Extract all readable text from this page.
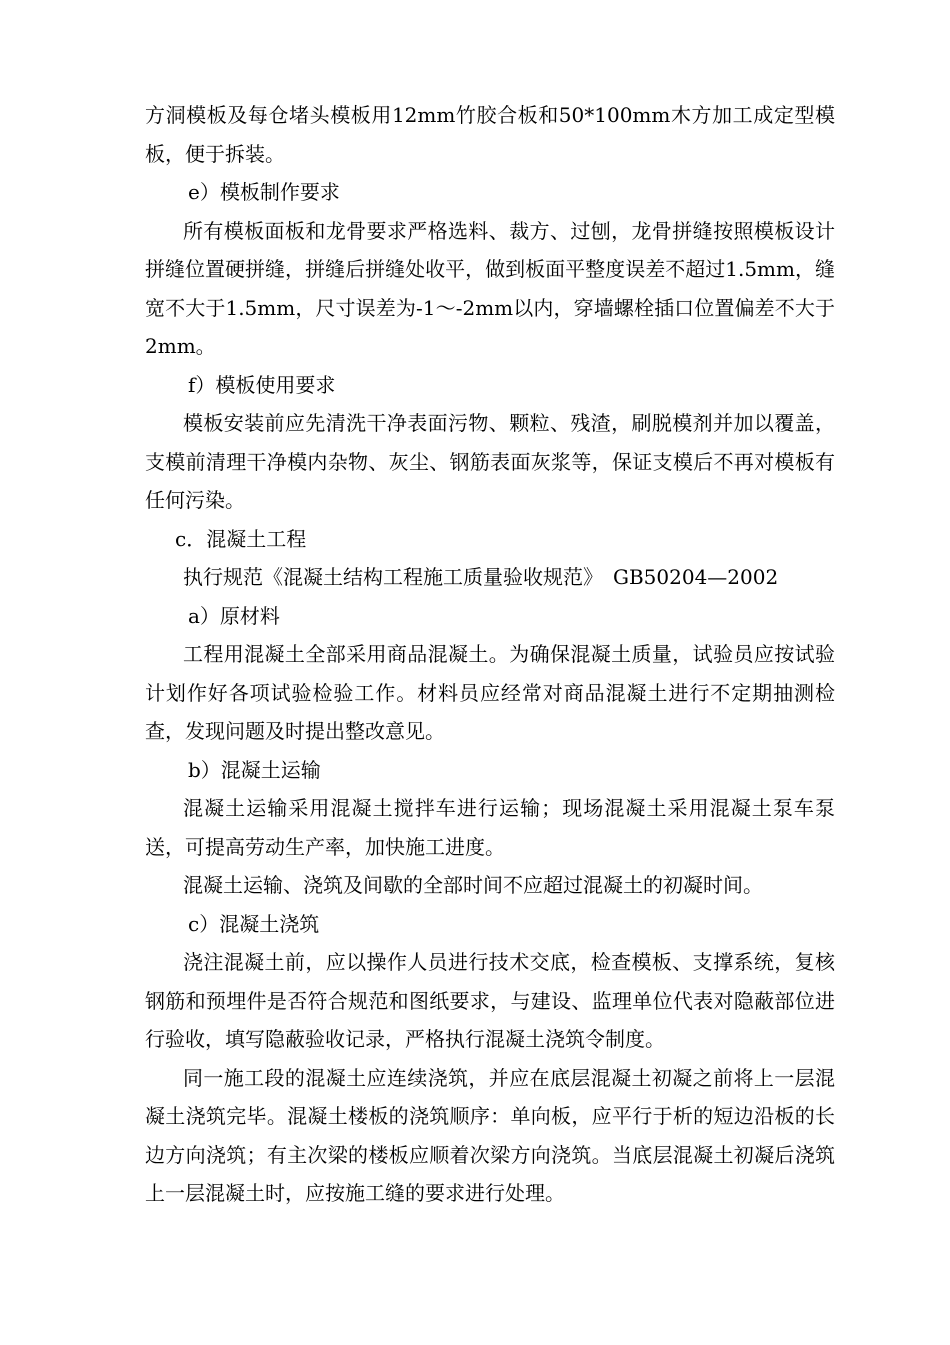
方洞模板及每仓堵头模板用12mm竹胶合板和50*100mm木方加工成定型模板，便于拆装。

e）模板制作要求

所有模板面板和龙骨要求严格选料、裁方、过刨，龙骨拼缝按照模板设计拼缝位置硬拼缝，拼缝后拼缝处收平，做到板面平整度误差不超过1.5mm，缝宽不大于1.5mm，尺寸误差为-1～-2mm以内，穿墙螺栓插口位置偏差不大于2mm。

f）模板使用要求

模板安装前应先清洗干净表面污物、颗粒、残渣，刷脱模剂并加以覆盖，支模前清理干净模内杂物、灰尘、钢筋表面灰浆等，保证支模后不再对模板有任何污染。

c．混凝土工程

执行规范《混凝土结构工程施工质量验收规范》　GB50204—2002

a）原材料

工程用混凝土全部采用商品混凝土。为确保混凝土质量，试验员应按试验计划作好各项试验检验工作。材料员应经常对商品混凝土进行不定期抽测检查，发现问题及时提出整改意见。

b）混凝土运输

混凝土运输采用混凝土搅拌车进行运输；现场混凝土采用混凝土泵车泵送，可提高劳动生产率，加快施工进度。

混凝土运输、浇筑及间歇的全部时间不应超过混凝土的初凝时间。

c）混凝土浇筑

浇注混凝土前，应以操作人员进行技术交底，检查模板、支撑系统，复核钢筋和预埋件是否符合规范和图纸要求，与建设、监理单位代表对隐蔽部位进行验收，填写隐蔽验收记录，严格执行混凝土浇筑令制度。

同一施工段的混凝土应连续浇筑，并应在底层混凝土初凝之前将上一层混凝土浇筑完毕。混凝土楼板的浇筑顺序：单向板，应平行于析的短边沿板的长边方向浇筑；有主次梁的楼板应顺着次梁方向浇筑。当底层混凝土初凝后浇筑上一层混凝土时，应按施工缝的要求进行处理。
